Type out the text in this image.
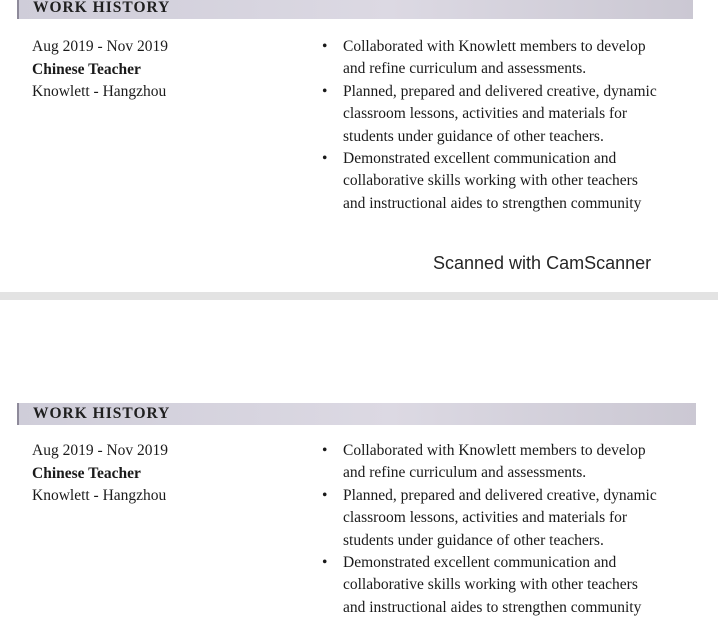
WORK HISTORY
Aug 2019 - Nov 2019
Chinese Teacher
Knowlett - Hangzhou
• Collaborated with Knowlett members to develop
and refine curriculum and assessments.
• Planned, prepared and delivered creative, dynamic
classroom lessons, activities and materials for
students under guidance of other teachers.
• Demonstrated excellent communication and
collaborative skills working with other teachers
and instructional aides to strengthen community
Scanned with CamScanner
WORK HISTORY
Aug 2019 - Nov 2019
Chinese Teacher
Knowlett - Hangzhou
• Collaborated with Knowlett members to develop
and refine curriculum and assessments.
• Planned, prepared and delivered creative, dynamic
classroom lessons, activities and materials for
students under guidance of other teachers.
• Demonstrated excellent communication and
collaborative skills working with other teachers
and instructional aides to strengthen community
